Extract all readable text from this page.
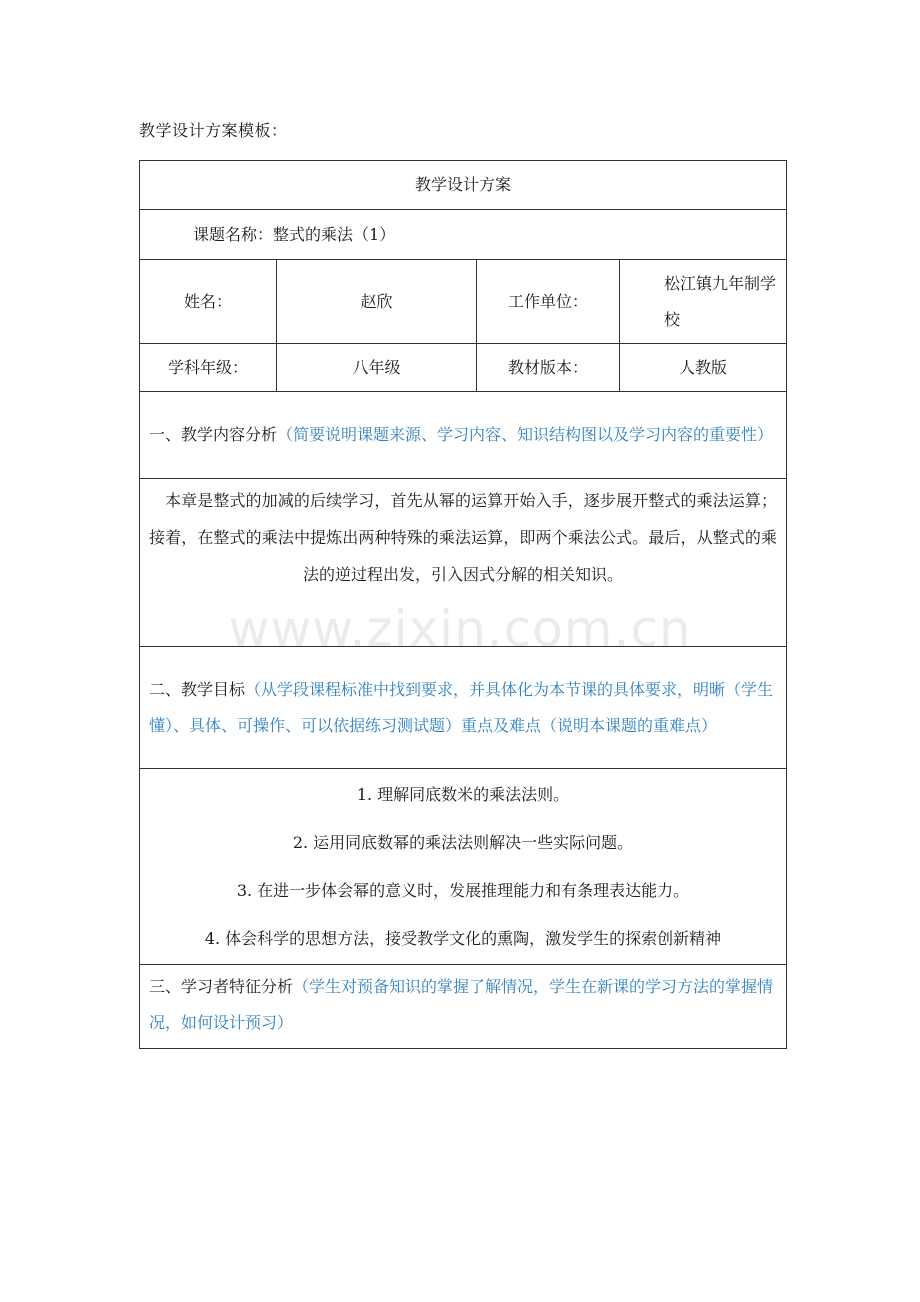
教学设计方案模板：
教学设计方案			
课题名称：整式的乘法（1）			
姓名：	赵欣	工作单位：	松江镇九年制学校
学科年级：	八年级	教材版本：	人教版
一、教学内容分析（简要说明课题来源、学习内容、知识结构图以及学习内容的重要性）			
本章是整式的加减的后续学习，首先从幂的运算开始入手，逐步展开整式的乘法运算；接着，在整式的乘法中提炼出两种特殊的乘法运算，即两个乘法公式。最后，从整式的乘法的逆过程出发，引入因式分解的相关知识。			
二、教学目标（从学段课程标准中找到要求，并具体化为本节课的具体要求，明晰（学生懂）、具体、可操作、可以依据练习测试题）重点及难点（说明本课题的重难点）			

1. 理解同底数米的乘法法则。
2. 运用同底数幂的乘法法则解决一些实际问题。
3. 在进一步体会幂的意义时，发展推理能力和有条理表达能力。
4. 体会科学的思想方法，接受教学文化的熏陶，激发学生的探索创新精神			

三、学习者特征分析（学生对预备知识的掌握了解情况，学生在新课的学习方法的掌握情况，如何设计预习）			
www.zixin.com.cn
